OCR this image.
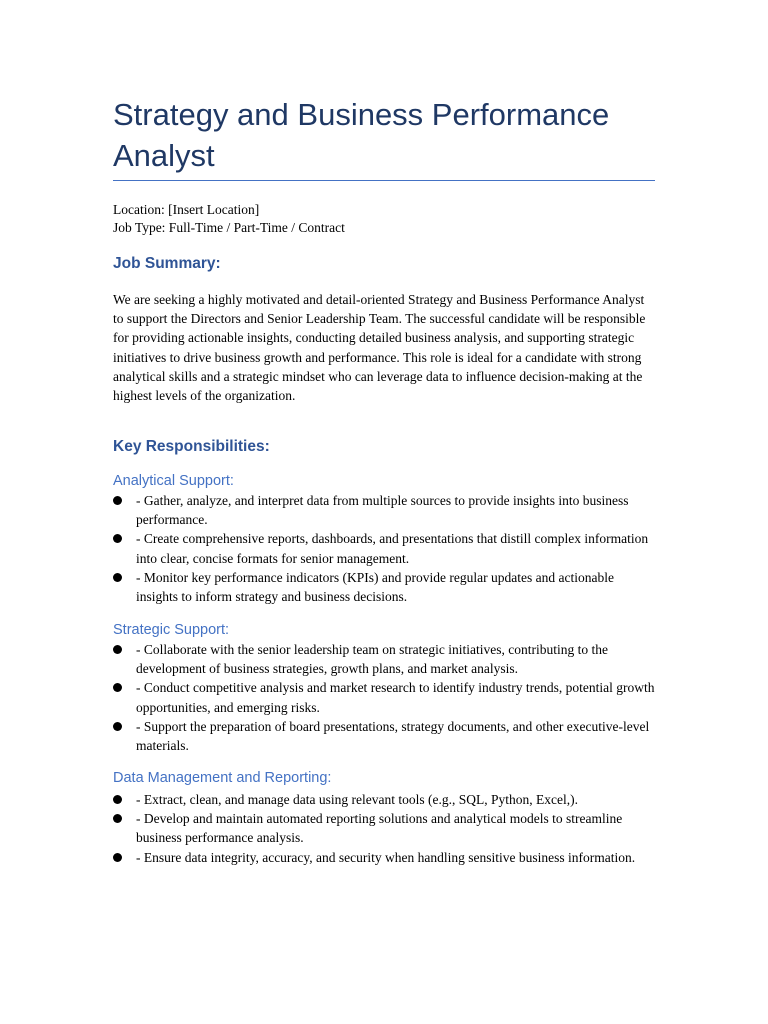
Strategy and Business Performance Analyst
Location: [Insert Location]
Job Type: Full-Time / Part-Time / Contract
Job Summary:

We are seeking a highly motivated and detail-oriented Strategy and Business Performance Analyst to support the Directors and Senior Leadership Team. The successful candidate will be responsible for providing actionable insights, conducting detailed business analysis, and supporting strategic initiatives to drive business growth and performance. This role is ideal for a candidate with strong analytical skills and a strategic mindset who can leverage data to influence decision-making at the highest levels of the organization.

Key Responsibilities:
Analytical Support:
- Gather, analyze, and interpret data from multiple sources to provide insights into business performance.
- Create comprehensive reports, dashboards, and presentations that distill complex information into clear, concise formats for senior management.
- Monitor key performance indicators (KPIs) and provide regular updates and actionable insights to inform strategy and business decisions.
Strategic Support:
- Collaborate with the senior leadership team on strategic initiatives, contributing to the development of business strategies, growth plans, and market analysis.
- Conduct competitive analysis and market research to identify industry trends, potential growth opportunities, and emerging risks.
- Support the preparation of board presentations, strategy documents, and other executive-level materials.
Data Management and Reporting:
- Extract, clean, and manage data using relevant tools (e.g., SQL, Python, Excel,).
- Develop and maintain automated reporting solutions and analytical models to streamline business performance analysis.
- Ensure data integrity, accuracy, and security when handling sensitive business information.
